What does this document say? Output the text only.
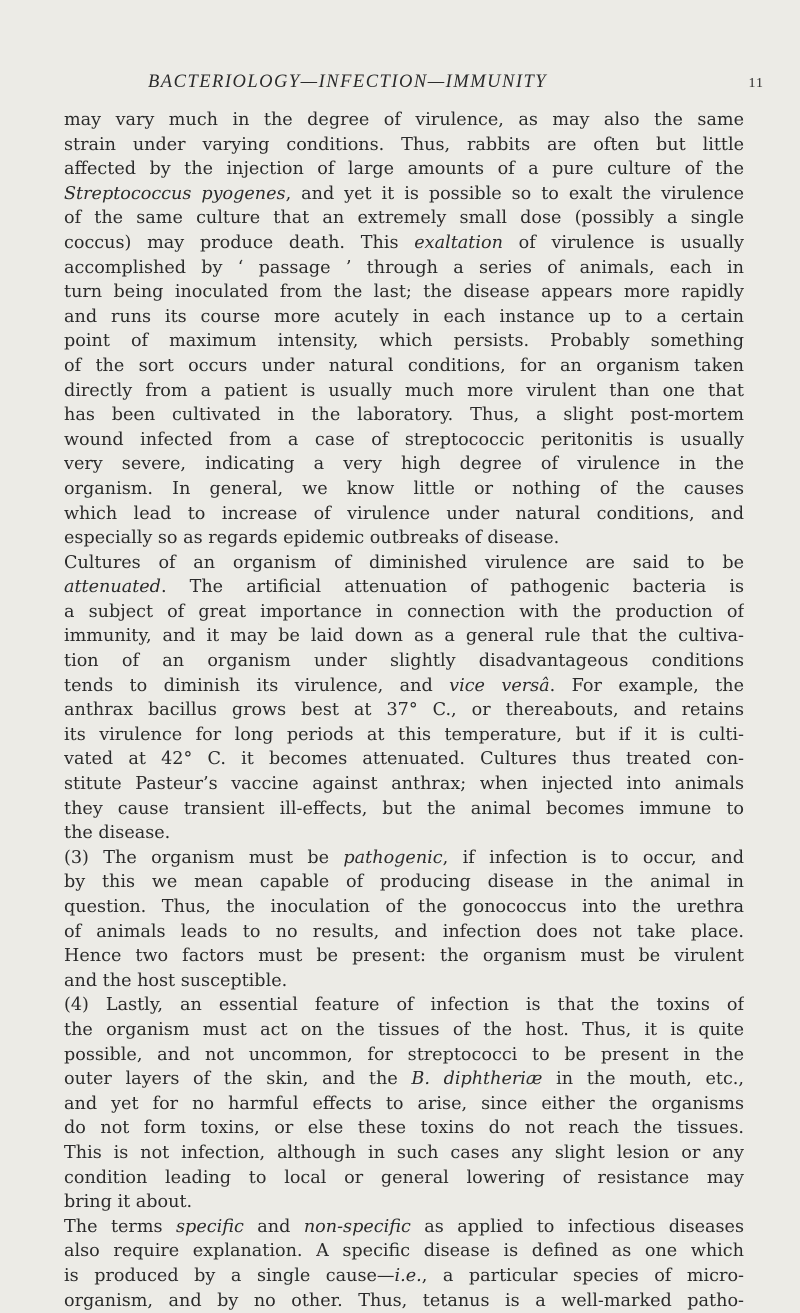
BACTERIOLOGY—INFECTION—IMMUNITY	11
may vary much in the degree of virulence, as may also the same
strain under varying conditions. Thus, rabbits are often but little
affected by the injection of large amounts of a pure culture of the
Streptococcus pyogenes, and yet it is possible so to exalt the virulence
of the same culture that an extremely small dose (possibly a single
coccus) may produce death. This exaltation of virulence is usually
accomplished by ‘ passage ’ through a series of animals, each in
turn being inoculated from the last; the disease appears more rapidly
and runs its course more acutely in each instance up to a certain
point of maximum intensity, which persists. Probably something
of the sort occurs under natural conditions, for an organism taken
directly from a patient is usually much more virulent than one that
has been cultivated in the laboratory. Thus, a slight post-mortem
wound infected from a case of streptococcic peritonitis is usually
very severe, indicating a very high degree of virulence in the
organism. In general, we know little or nothing of the causes
which lead to increase of virulence under natural conditions, and
especially so as regards epidemic outbreaks of disease.
Cultures of an organism of diminished virulence are said to be
attenuated. The artificial attenuation of pathogenic bacteria is
a subject of great importance in connection with the production of
immunity, and it may be laid down as a general rule that the cultiva-
tion of an organism under slightly disadvantageous conditions
tends to diminish its virulence, and vice versâ. For example, the
anthrax bacillus grows best at 37° C., or thereabouts, and retains
its virulence for long periods at this temperature, but if it is culti-
vated at 42° C. it becomes attenuated. Cultures thus treated con-
stitute Pasteur’s vaccine against anthrax; when injected into animals
they cause transient ill-effects, but the animal becomes immune to
the disease.
(3) The organism must be pathogenic, if infection is to occur, and
by this we mean capable of producing disease in the animal in
question. Thus, the inoculation of the gonococcus into the urethra
of animals leads to no results, and infection does not take place.
Hence two factors must be present: the organism must be virulent
and the host susceptible.
(4) Lastly, an essential feature of infection is that the toxins of
the organism must act on the tissues of the host. Thus, it is quite
possible, and not uncommon, for streptococci to be present in the
outer layers of the skin, and the B. diphtheriæ in the mouth, etc.,
and yet for no harmful effects to arise, since either the organisms
do not form toxins, or else these toxins do not reach the tissues.
This is not infection, although in such cases any slight lesion or any
condition leading to local or general lowering of resistance may
bring it about.
The terms specific and non-specific as applied to infectious diseases
also require explanation. A specific disease is defined as one which
is produced by a single cause—i.e., a particular species of micro-
organism, and by no other. Thus, tetanus is a well-marked patho-
